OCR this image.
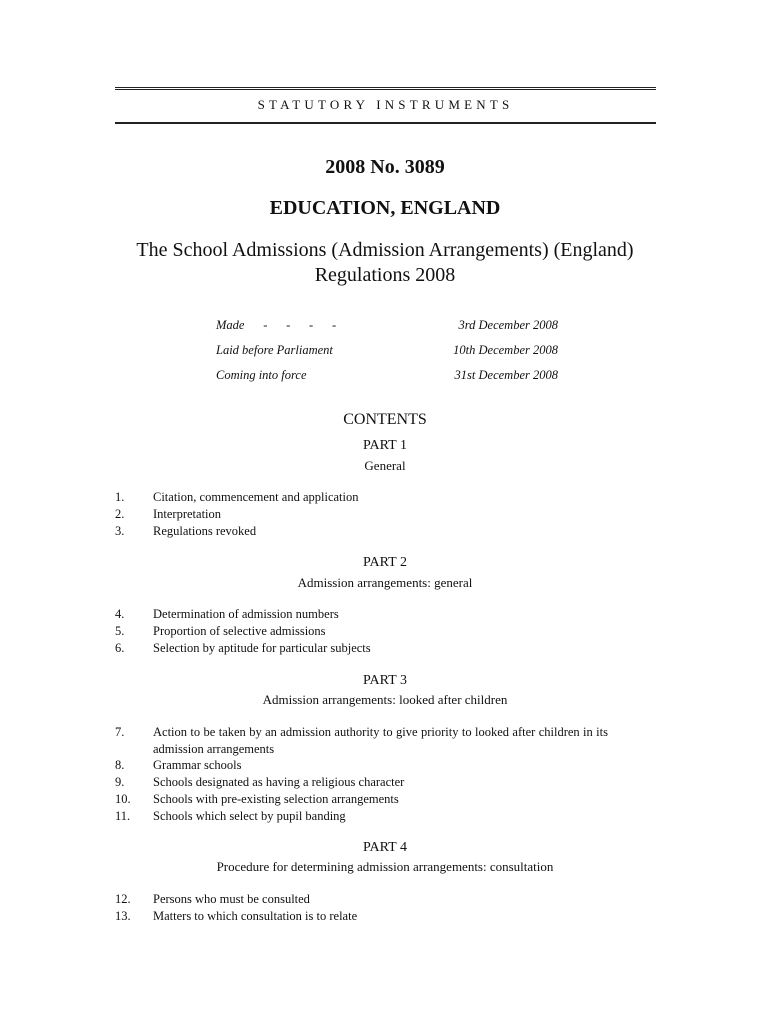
STATUTORY INSTRUMENTS
2008 No. 3089
EDUCATION, ENGLAND
The School Admissions (Admission Arrangements) (England) Regulations 2008
Made      -      -      -      -	3rd December 2008
Laid before Parliament	10th December 2008
Coming into force	31st December 2008
CONTENTS
PART 1
General
1.	Citation, commencement and application
2.	Interpretation
3.	Regulations revoked
PART 2
Admission arrangements: general
4.	Determination of admission numbers
5.	Proportion of selective admissions
6.	Selection by aptitude for particular subjects
PART 3
Admission arrangements: looked after children
7.	Action to be taken by an admission authority to give priority to looked after children in its admission arrangements
8.	Grammar schools
9.	Schools designated as having a religious character
10.	Schools with pre-existing selection arrangements
11.	Schools which select by pupil banding
PART 4
Procedure for determining admission arrangements: consultation
12.	Persons who must be consulted
13.	Matters to which consultation is to relate
